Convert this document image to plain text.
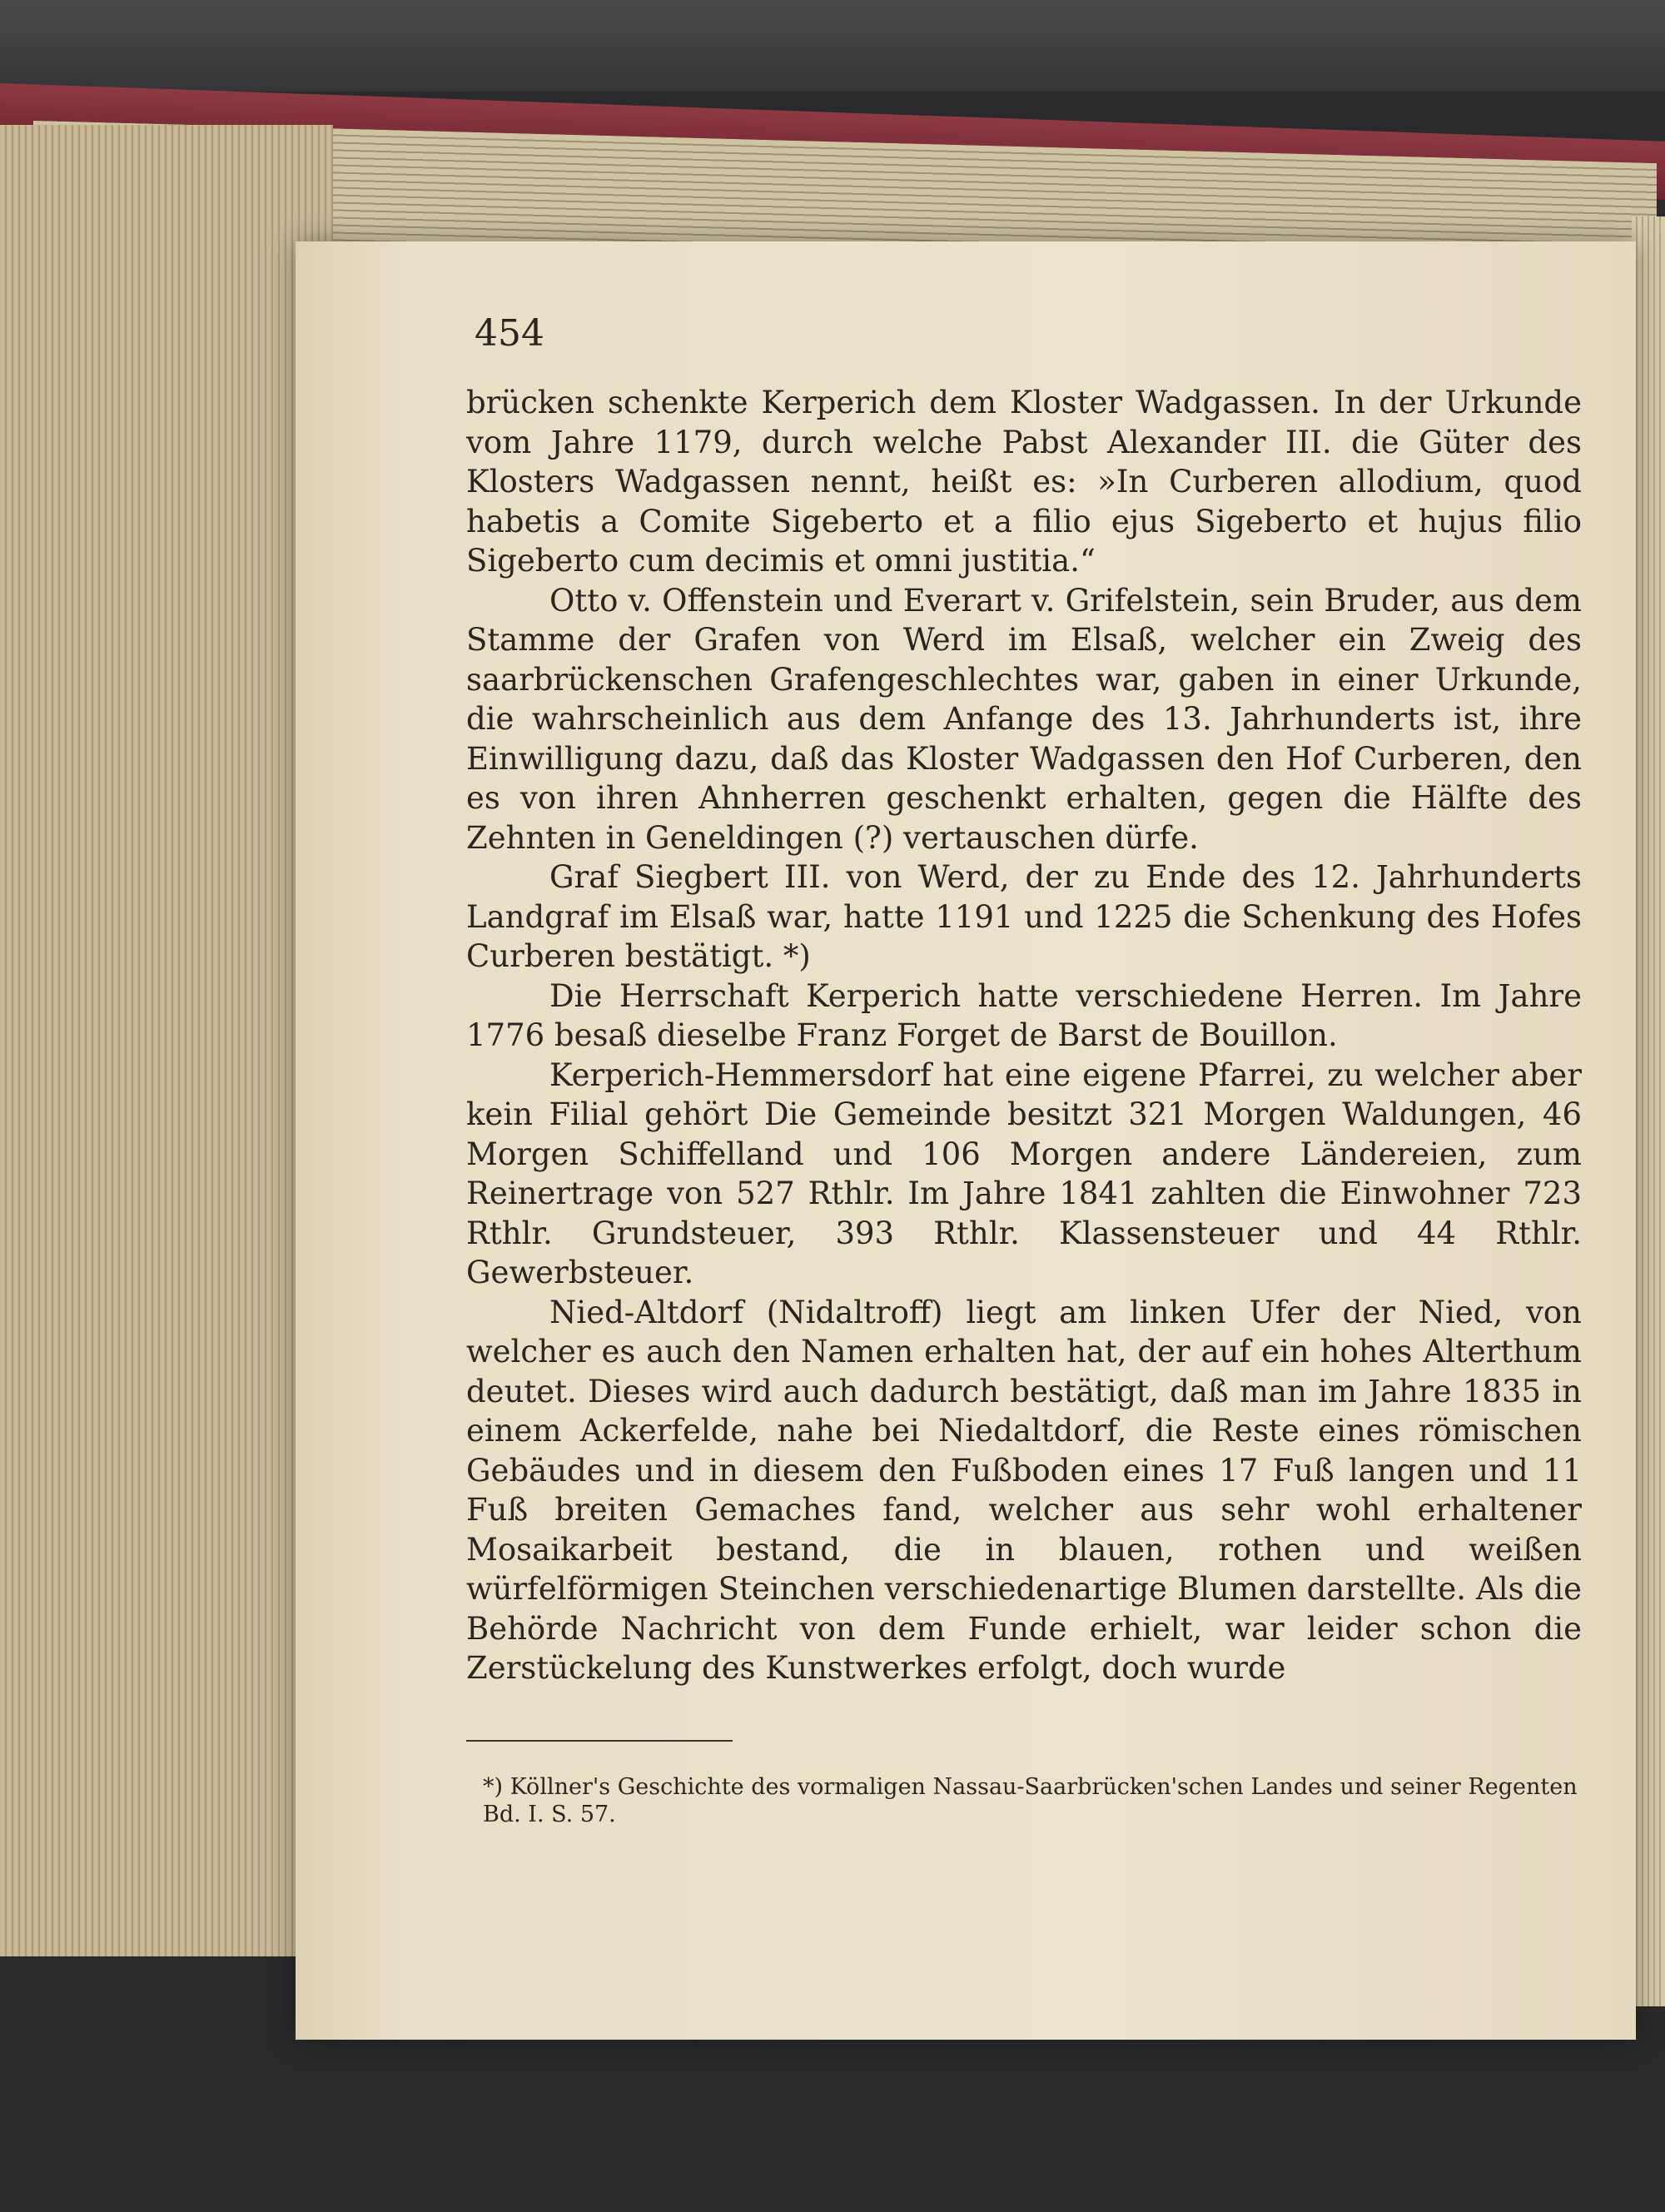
454

brücken schenkte Kerperich dem Kloster Wadgassen. In der Urkunde vom Jahre 1179, durch welche Pabst Alexander III. die Güter des Klosters Wadgassen nennt, heißt es: »In Curberen allodium, quod habetis a Comite Sigeberto et a filio ejus Sigeberto et hujus filio Sigeberto cum decimis et omni justitia.“

Otto v. Offenstein und Everart v. Grifelstein, sein Bruder, aus dem Stamme der Grafen von Werd im Elsaß, welcher ein Zweig des saarbrückenschen Grafengeschlechtes war, gaben in einer Urkunde, die wahrscheinlich aus dem Anfange des 13. Jahrhunderts ist, ihre Einwilligung dazu, daß das Kloster Wadgassen den Hof Curberen, den es von ihren Ahnherren geschenkt erhalten, gegen die Hälfte des Zehnten in Geneldingen (?) vertauschen dürfe.

Graf Siegbert III. von Werd, der zu Ende des 12. Jahrhunderts Landgraf im Elsaß war, hatte 1191 und 1225 die Schenkung des Hofes Curberen bestätigt. *)

Die Herrschaft Kerperich hatte verschiedene Herren. Im Jahre 1776 besaß dieselbe Franz Forget de Barst de Bouillon.

Kerperich-Hemmersdorf hat eine eigene Pfarrei, zu welcher aber kein Filial gehört Die Gemeinde besitzt 321 Morgen Waldungen, 46 Morgen Schiffelland und 106 Morgen andere Ländereien, zum Reinertrage von 527 Rthlr. Im Jahre 1841 zahlten die Einwohner 723 Rthlr. Grundsteuer, 393 Rthlr. Klassensteuer und 44 Rthlr. Gewerbsteuer.

Nied-Altdorf (Nidaltroff) liegt am linken Ufer der Nied, von welcher es auch den Namen erhalten hat, der auf ein hohes Alterthum deutet. Dieses wird auch dadurch bestätigt, daß man im Jahre 1835 in einem Ackerfelde, nahe bei Niedaltdorf, die Reste eines römischen Gebäudes und in diesem den Fußboden eines 17 Fuß langen und 11 Fuß breiten Gemaches fand, welcher aus sehr wohl erhaltener Mosaikarbeit bestand, die in blauen, rothen und weißen würfelförmigen Steinchen verschiedenartige Blumen darstellte. Als die Behörde Nachricht von dem Funde erhielt, war leider schon die Zerstückelung des Kunstwerkes erfolgt, doch wurde

*) Köllner's Geschichte des vormaligen Nassau-Saarbrücken'schen Landes und seiner Regenten Bd. I. S. 57.
